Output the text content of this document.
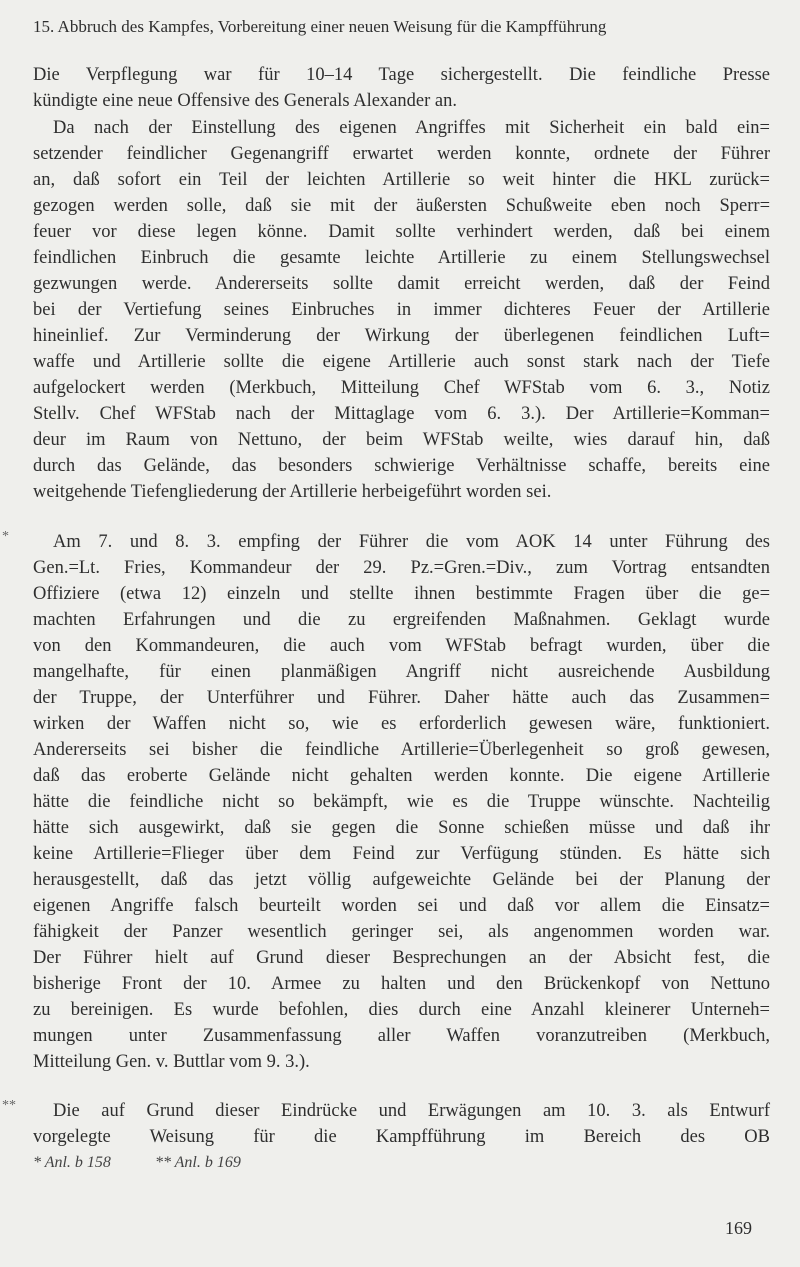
15. Abbruch des Kampfes, Vorbereitung einer neuen Weisung für die Kampfführung
Die Verpflegung war für 10–14 Tage sichergestellt. Die feindliche Presse
kündigte eine neue Offensive des Generals Alexander an.
Da nach der Einstellung des eigenen Angriffes mit Sicherheit ein bald ein=
setzender feindlicher Gegenangriff erwartet werden konnte, ordnete der Führer
an, daß sofort ein Teil der leichten Artillerie so weit hinter die HKL zurück=
gezogen werden solle, daß sie mit der äußersten Schußweite eben noch Sperr=
feuer vor diese legen könne. Damit sollte verhindert werden, daß bei einem
feindlichen Einbruch die gesamte leichte Artillerie zu einem Stellungswechsel
gezwungen werde. Andererseits sollte damit erreicht werden, daß der Feind
bei der Vertiefung seines Einbruches in immer dichteres Feuer der Artillerie
hineinlief. Zur Verminderung der Wirkung der überlegenen feindlichen Luft=
waffe und Artillerie sollte die eigene Artillerie auch sonst stark nach der Tiefe
aufgelockert werden (Merkbuch, Mitteilung Chef WFStab vom 6. 3., Notiz
Stellv. Chef WFStab nach der Mittaglage vom 6. 3.). Der Artillerie=Komman=
deur im Raum von Nettuno, der beim WFStab weilte, wies darauf hin, daß
durch das Gelände, das besonders schwierige Verhältnisse schaffe, bereits eine
weitgehende Tiefengliederung der Artillerie herbeigeführt worden sei.
*	Am 7. und 8. 3. empfing der Führer die vom AOK 14 unter Führung des
Gen.=Lt. Fries, Kommandeur der 29. Pz.=Gren.=Div., zum Vortrag entsandten
Offiziere (etwa 12) einzeln und stellte ihnen bestimmte Fragen über die ge=
machten Erfahrungen und die zu ergreifenden Maßnahmen. Geklagt wurde
von den Kommandeuren, die auch vom WFStab befragt wurden, über die
mangelhafte, für einen planmäßigen Angriff nicht ausreichende Ausbildung
der Truppe, der Unterführer und Führer. Daher hätte auch das Zusammen=
wirken der Waffen nicht so, wie es erforderlich gewesen wäre, funktioniert.
Andererseits sei bisher die feindliche Artillerie=Überlegenheit so groß gewesen,
daß das eroberte Gelände nicht gehalten werden konnte. Die eigene Artillerie
hätte die feindliche nicht so bekämpft, wie es die Truppe wünschte. Nachteilig
hätte sich ausgewirkt, daß sie gegen die Sonne schießen müsse und daß ihr
keine Artillerie=Flieger über dem Feind zur Verfügung stünden. Es hätte sich
herausgestellt, daß das jetzt völlig aufgeweichte Gelände bei der Planung der
eigenen Angriffe falsch beurteilt worden sei und daß vor allem die Einsatz=
fähigkeit der Panzer wesentlich geringer sei, als angenommen worden war.
Der Führer hielt auf Grund dieser Besprechungen an der Absicht fest, die
bisherige Front der 10. Armee zu halten und den Brückenkopf von Nettuno
zu bereinigen. Es wurde befohlen, dies durch eine Anzahl kleinerer Unterneh=
mungen unter Zusammenfassung aller Waffen voranzutreiben (Merkbuch,
Mitteilung Gen. v. Buttlar vom 9. 3.).
**	Die auf Grund dieser Eindrücke und Erwägungen am 10. 3. als Entwurf
vorgelegte Weisung für die Kampfführung im Bereich des OB
* Anl. b 158	** Anl. b 169
169
